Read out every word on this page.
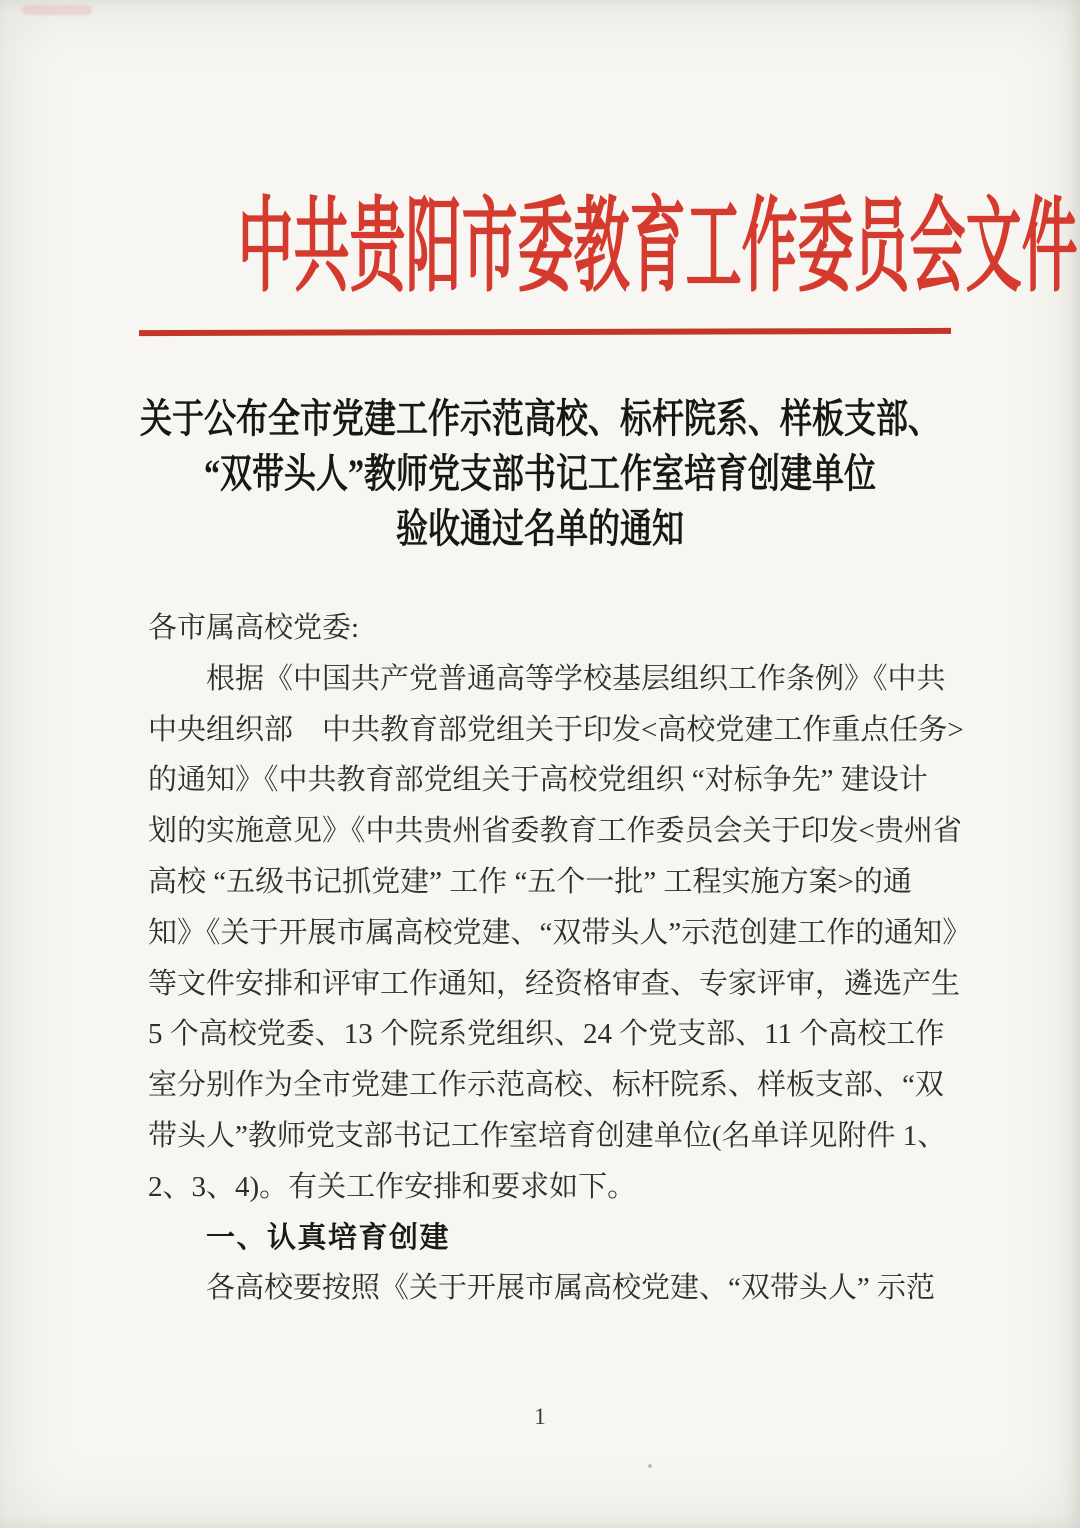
中共贵阳市委教育工作委员会文件
关于公布全市党建工作示范高校、标杆院系、样板支部、
“双带头人”教师党支部书记工作室培育创建单位
验收通过名单的通知
各市属高校党委:
根据《中国共产党普通高等学校基层组织工作条例》《中共
中央组织部　中共教育部党组关于印发<高校党建工作重点任务>
的通知》《中共教育部党组关于高校党组织 “对标争先” 建设计
划的实施意见》《中共贵州省委教育工作委员会关于印发<贵州省
高校 “五级书记抓党建” 工作 “五个一批” 工程实施方案>的通
知》《关于开展市属高校党建、“双带头人”示范创建工作的通知》
等文件安排和评审工作通知，经资格审查、专家评审，遴选产生
5 个高校党委、13 个院系党组织、24 个党支部、11 个高校工作
室分别作为全市党建工作示范高校、标杆院系、样板支部、“双
带头人”教师党支部书记工作室培育创建单位(名单详见附件 1、
2、3、4)。有关工作安排和要求如下。
一、认真培育创建
各高校要按照《关于开展市属高校党建、“双带头人” 示范
1
